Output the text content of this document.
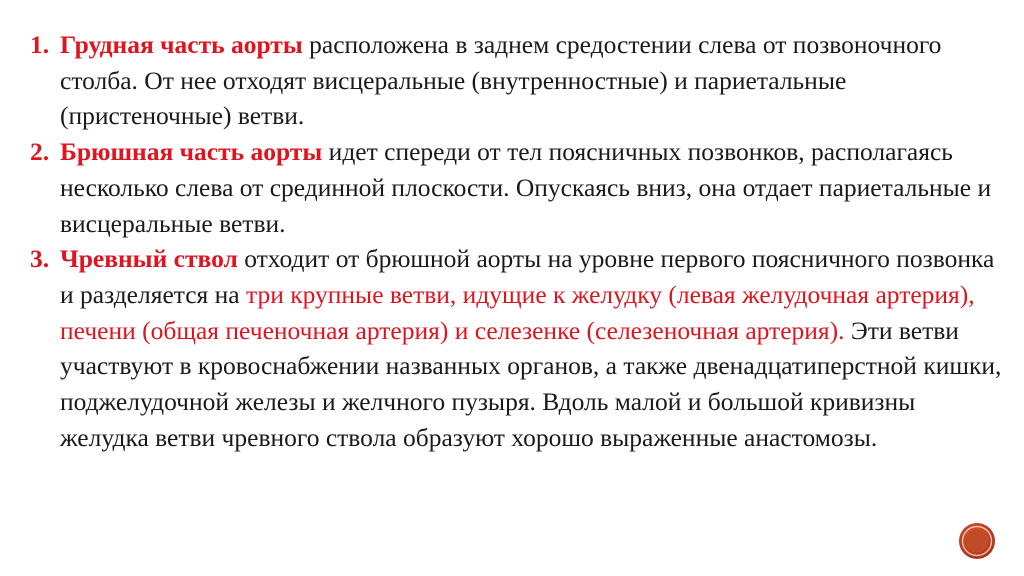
1. Грудная часть аорты расположена в заднем средостении слева от позвоночного столба. От нее отходят висцеральные (внутренностные) и париетальные (пристеночные) ветви.
2. Брюшная часть аорты идет спереди от тел поясничных позвонков, располагаясь несколько слева от срединной плоскости. Опускаясь вниз, она отдает париетальные и висцеральные ветви.
3. Чревный ствол отходит от брюшной аорты на уровне первого поясничного позвонка и разделяется на три крупные ветви, идущие к желудку (левая желудочная артерия), печени (общая печеночная артерия) и селезенке (селезеночная артерия). Эти ветви участвуют в кровоснабжении названных органов, а также двенадцатиперстной кишки, поджелудочной железы и желчного пузыря. Вдоль малой и большой кривизны желудка ветви чревного ствола образуют хорошо выраженные анастомозы.
